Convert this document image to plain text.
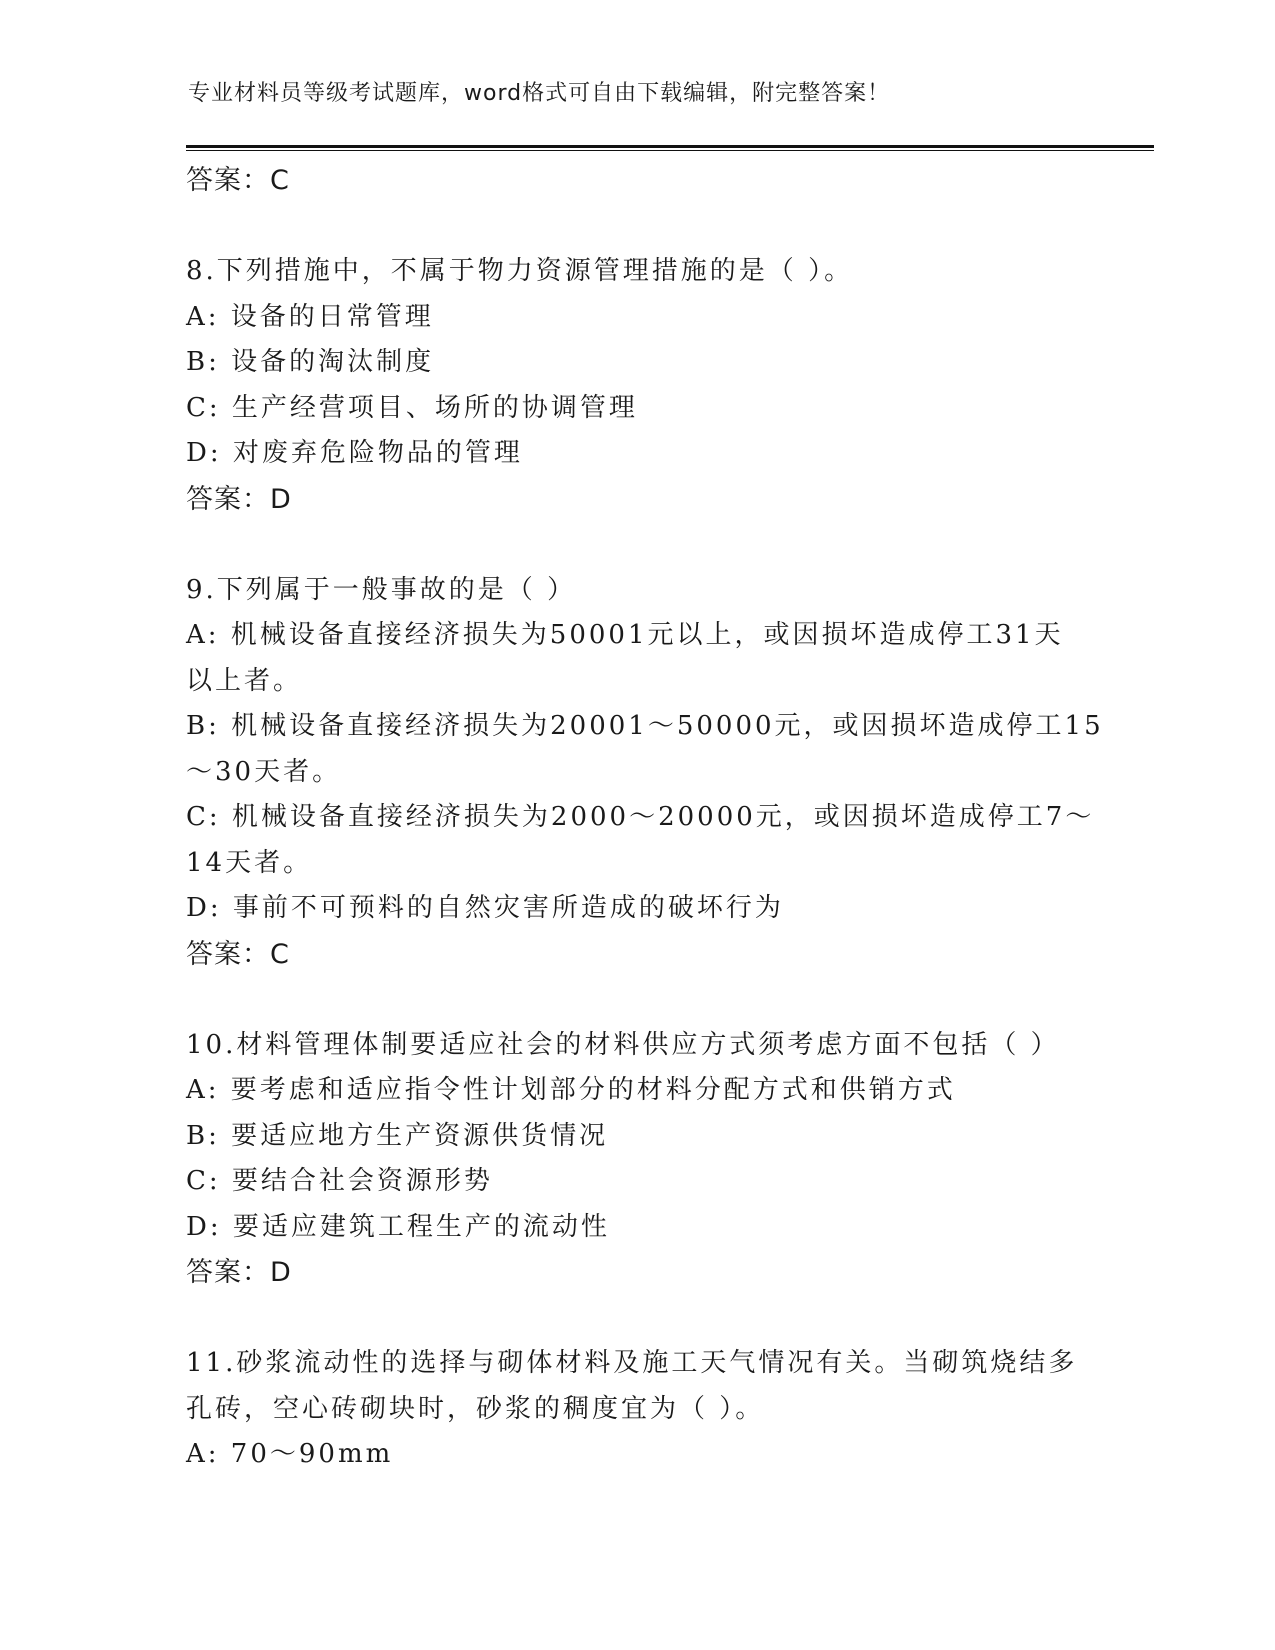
专业材料员等级考试题库，word格式可自由下载编辑，附完整答案！
答案：C
8.下列措施中，不属于物力资源管理措施的是（ ）。
A: 设备的日常管理
B: 设备的淘汰制度
C: 生产经营项目、场所的协调管理
D: 对废弃危险物品的管理
答案：D
9.下列属于一般事故的是（ ）
A: 机械设备直接经济损失为50001元以上，或因损坏造成停工31天
以上者。
B: 机械设备直接经济损失为20001～50000元，或因损坏造成停工15
～30天者。
C: 机械设备直接经济损失为2000～20000元，或因损坏造成停工7～
14天者。
D: 事前不可预料的自然灾害所造成的破坏行为
答案：C
10.材料管理体制要适应社会的材料供应方式须考虑方面不包括（ ）
A: 要考虑和适应指令性计划部分的材料分配方式和供销方式
B: 要适应地方生产资源供货情况
C: 要结合社会资源形势
D: 要适应建筑工程生产的流动性
答案：D
11.砂浆流动性的选择与砌体材料及施工天气情况有关。当砌筑烧结多
孔砖，空心砖砌块时，砂浆的稠度宜为（ ）。
A: 70～90mm
